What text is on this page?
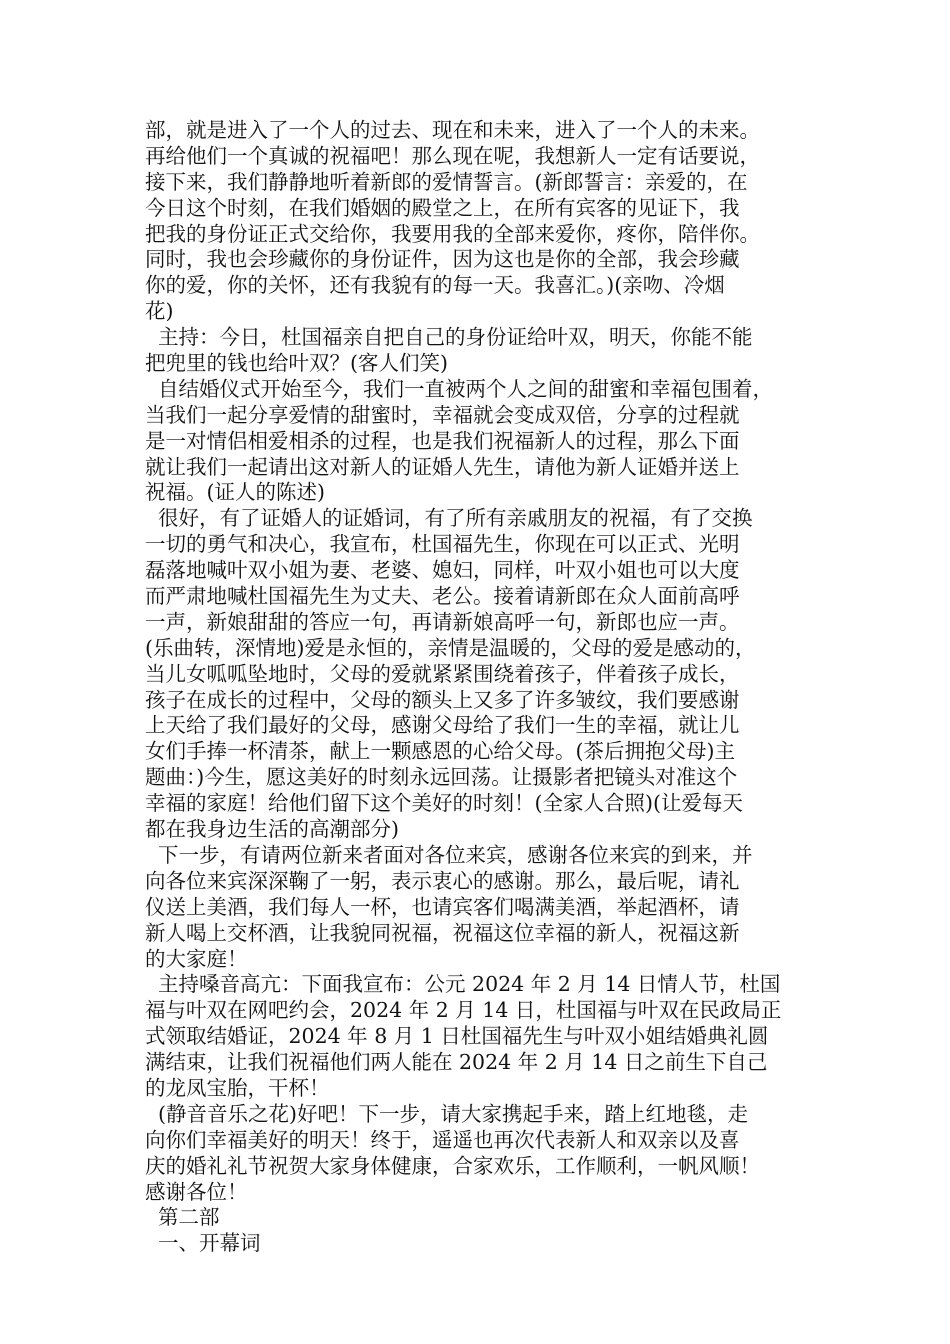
部，就是进入了一个人的过去、现在和未来，进入了一个人的未来。
再给他们一个真诚的祝福吧！那么现在呢，我想新人一定有话要说，
接下来，我们静静地听着新郎的爱情誓言。(新郎誓言：亲爱的，在
今日这个时刻，在我们婚姻的殿堂之上，在所有宾客的见证下，我
把我的身份证正式交给你，我要用我的全部来爱你，疼你，陪伴你。
同时，我也会珍藏你的身份证件，因为这也是你的全部，我会珍藏
你的爱，你的关怀，还有我貌有的每一天。我喜汇。)(亲吻、冷烟
花)
主持：今日，杜国福亲自把自己的身份证给叶双，明天，你能不能
把兜里的钱也给叶双？(客人们笑)
自结婚仪式开始至今，我们一直被两个人之间的甜蜜和幸福包围着，
当我们一起分享爱情的甜蜜时，幸福就会变成双倍，分享的过程就
是一对情侣相爱相杀的过程，也是我们祝福新人的过程，那么下面
就让我们一起请出这对新人的证婚人先生，请他为新人证婚并送上
祝福。(证人的陈述)
很好，有了证婚人的证婚词，有了所有亲戚朋友的祝福，有了交换
一切的勇气和决心，我宣布，杜国福先生，你现在可以正式、光明
磊落地喊叶双小姐为妻、老婆、媳妇，同样，叶双小姐也可以大度
而严肃地喊杜国福先生为丈夫、老公。接着请新郎在众人面前高呼
一声，新娘甜甜的答应一句，再请新娘高呼一句，新郎也应一声。
(乐曲转，深情地)爱是永恒的，亲情是温暖的，父母的爱是感动的，
当儿女呱呱坠地时，父母的爱就紧紧围绕着孩子，伴着孩子成长，
孩子在成长的过程中，父母的额头上又多了许多皱纹，我们要感谢
上天给了我们最好的父母，感谢父母给了我们一生的幸福，就让儿
女们手捧一杯清茶，献上一颗感恩的心给父母。(茶后拥抱父母)主
题曲：)今生，愿这美好的时刻永远回荡。让摄影者把镜头对准这个
幸福的家庭！给他们留下这个美好的时刻！(全家人合照)(让爱每天
都在我身边生活的高潮部分)
下一步，有请两位新来者面对各位来宾，感谢各位来宾的到来，并
向各位来宾深深鞠了一躬，表示衷心的感谢。那么，最后呢，请礼
仪送上美酒，我们每人一杯，也请宾客们喝满美酒，举起酒杯，请
新人喝上交杯酒，让我貌同祝福，祝福这位幸福的新人，祝福这新
的大家庭！
主持嗓音高亢：下面我宣布：公元 2024 年 2 月 14 日情人节，杜国
福与叶双在网吧约会，2024 年 2 月 14 日，杜国福与叶双在民政局正
式领取结婚证，2024 年 8 月 1 日杜国福先生与叶双小姐结婚典礼圆
满结束，让我们祝福他们两人能在 2024 年 2 月 14 日之前生下自己
的龙凤宝胎，干杯！
(静音音乐之花)好吧！下一步，请大家携起手来，踏上红地毯，走
向你们幸福美好的明天！终于，遥遥也再次代表新人和双亲以及喜
庆的婚礼礼节祝贺大家身体健康，合家欢乐，工作顺利，一帆风顺！
感谢各位！
第二部
一、开幕词
